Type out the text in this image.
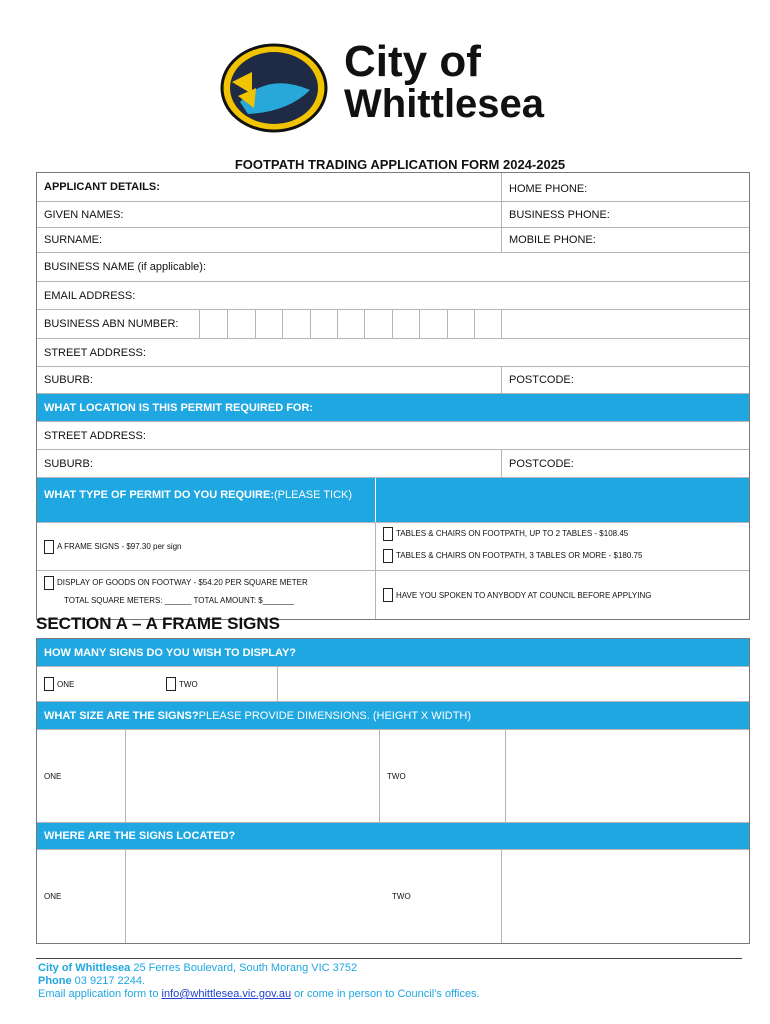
City of
Whittlesea
FOOTPATH TRADING APPLICATION FORM 2024-2025
APPLICANT DETAILS:	HOME PHONE:
GIVEN NAMES:	BUSINESS PHONE:
SURNAME:	MOBILE PHONE:
BUSINESS NAME (if applicable):
EMAIL ADDRESS:
BUSINESS ABN NUMBER:
STREET ADDRESS:
SUBURB:	POSTCODE:
WHAT LOCATION IS THIS PERMIT REQUIRED FOR:
STREET ADDRESS:
SUBURB:	POSTCODE:
WHAT TYPE OF PERMIT DO YOU REQUIRE:(PLEASE TICK)
A FRAME SIGNS - $97.30 per sign
TABLES & CHAIRS ON FOOTPATH, UP TO 2 TABLES - $108.45
TABLES & CHAIRS ON FOOTPATH, 3 TABLES OR MORE - $180.75
DISPLAY OF GOODS ON FOOTWAY - $54.20 PER SQUARE METER
TOTAL SQUARE METERS: ______ TOTAL AMOUNT: $_______
HAVE YOU SPOKEN TO ANYBODY AT COUNCIL BEFORE APPLYING
SECTION A – A FRAME SIGNS
HOW MANY SIGNS DO YOU WISH TO DISPLAY?
ONE	TWO
WHAT SIZE ARE THE SIGNS? PLEASE PROVIDE DIMENSIONS. (HEIGHT X WIDTH)
ONE	TWO
WHERE ARE THE SIGNS LOCATED?
ONE	TWO
City of Whittlesea 25 Ferres Boulevard, South Morang VIC 3752
Phone 03 9217 2244.
Email application form to info@whittlesea.vic.gov.au or come in person to Council’s offices.
